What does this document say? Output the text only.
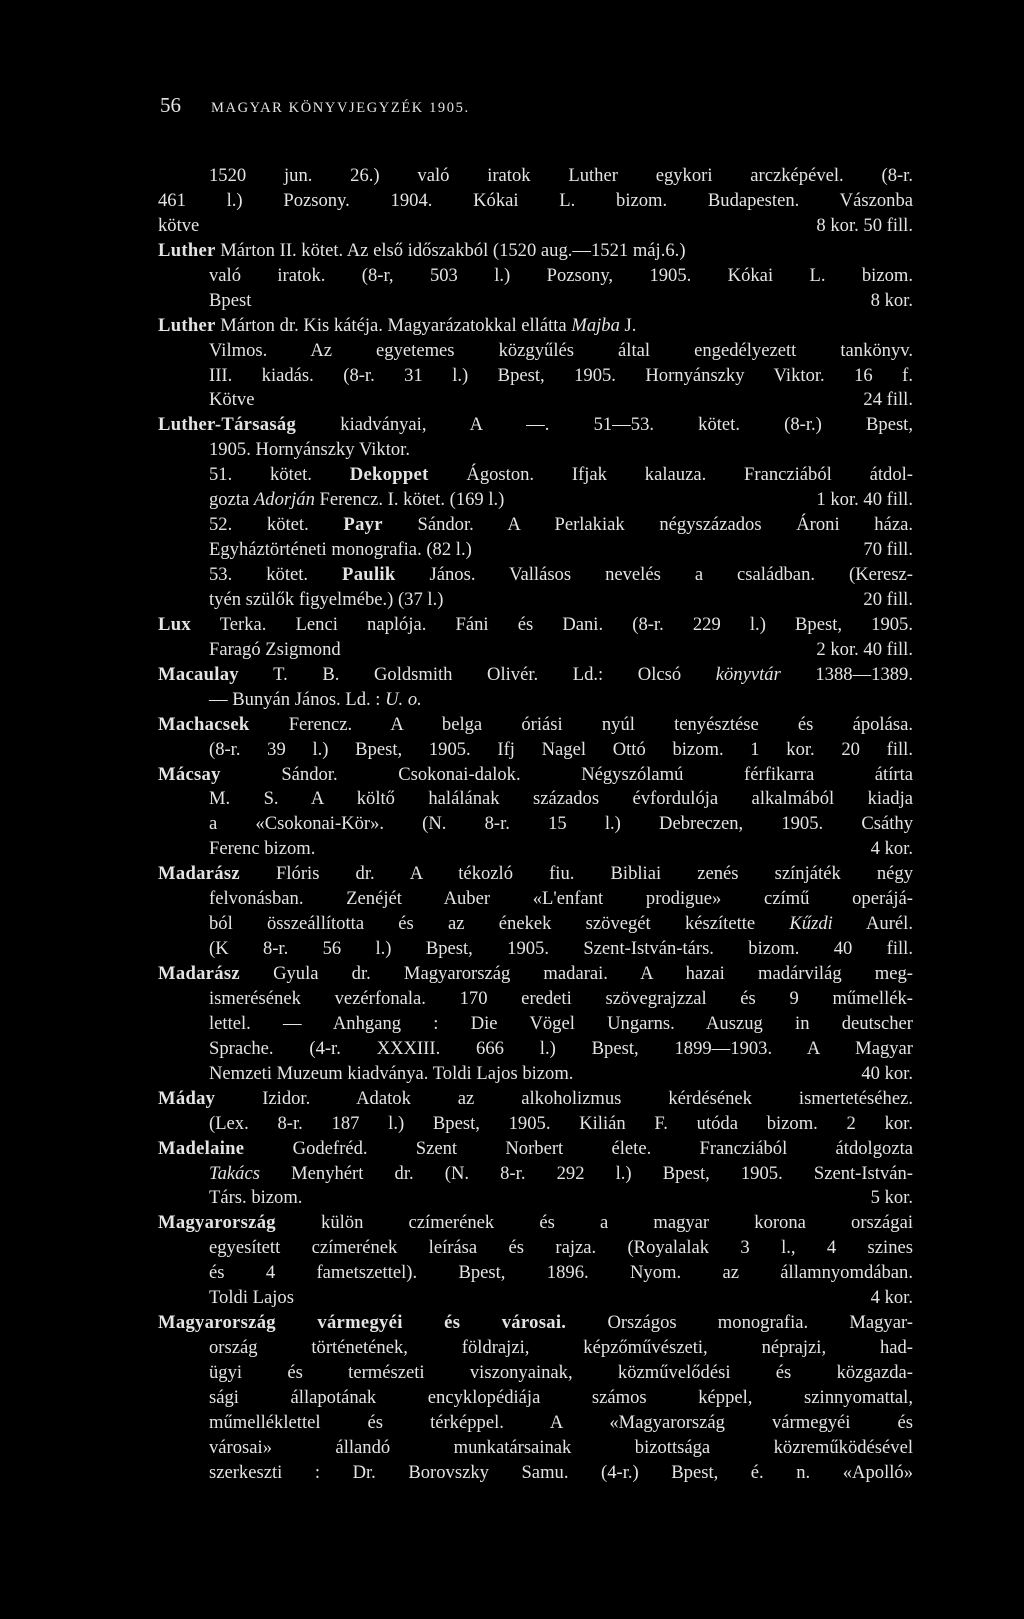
56 MAGYAR KÖNYVJEGYZÉK 1905.
1520 jun. 26.) való iratok Luther egykori arczképével. (8-r.
461 l.) Pozsony. 1904. Kókai L. bizom. Budapesten. Vászonba
kötve	8 kor. 50 fill.
Luther Márton II. kötet. Az első időszakból (1520 aug.—1521 máj.6.)
való iratok. (8-r, 503 l.) Pozsony, 1905. Kókai L. bizom.
Bpest	8 kor.
Luther Márton dr. Kis kátéja. Magyarázatokkal ellátta Majba J.
Vilmos. Az egyetemes közgyűlés által engedélyezett tankönyv.
III. kiadás. (8-r. 31 l.) Bpest, 1905. Hornyánszky Viktor. 16 f.
Kötve	24 fill.
Luther-Társaság kiadványai, A —. 51—53. kötet. (8-r.) Bpest,
1905. Hornyánszky Viktor.
51. kötet. Dekoppet Ágoston. Ifjak kalauza. Francziából átdol-
gozta Adorján Ferencz. I. kötet. (169 l.)	1 kor. 40 fill.
52. kötet. Payr Sándor. A Perlakiak négyszázados Ároni háza.
Egyháztörténeti monografia. (82 l.)	70 fill.
53. kötet. Paulik János. Vallásos nevelés a családban. (Keresz-
tyén szülők figyelmébe.) (37 l.)	20 fill.
Lux Terka. Lenci naplója. Fáni és Dani. (8-r. 229 l.) Bpest, 1905.
Faragó Zsigmond	2 kor. 40 fill.
Macaulay T. B. Goldsmith Olivér. Ld.: Olcsó könyvtár 1388—1389.
— Bunyán János. Ld. : U. o.
Machacsek Ferencz. A belga óriási nyúl tenyésztése és ápolása.
(8-r. 39 l.) Bpest, 1905. Ifj Nagel Ottó bizom. 1 kor. 20 fill.
Mácsay Sándor. Csokonai-dalok. Négyszólamú férfikarra átírta
M. S. A költő halálának százados évfordulója alkalmából kiadja
a «Csokonai-Kör». (N. 8-r. 15 l.) Debreczen, 1905. Csáthy
Ferenc bizom.	4 kor.
Madarász Flóris dr. A tékozló fiu. Bibliai zenés színjáték négy
felvonásban. Zenéjét Auber «L'enfant prodigue» czímű operájá-
ból összeállította és az énekek szövegét készítette Kűzdi Aurél.
(K 8-r. 56 l.) Bpest, 1905. Szent-István-társ. bizom. 40 fill.
Madarász Gyula dr. Magyarország madarai. A hazai madárvilág meg-
ismerésének vezérfonala. 170 eredeti szövegrajzzal és 9 műmellék-
lettel. — Anhgang : Die Vögel Ungarns. Auszug in deutscher
Sprache. (4-r. XXXIII. 666 l.) Bpest, 1899—1903. A Magyar
Nemzeti Muzeum kiadványa. Toldi Lajos bizom.	40 kor.
Máday Izidor. Adatok az alkoholizmus kérdésének ismertetéséhez.
(Lex. 8-r. 187 l.) Bpest, 1905. Kilián F. utóda bizom. 2 kor.
Madelaine Godefréd. Szent Norbert élete. Francziából átdolgozta
Takács Menyhért dr. (N. 8-r. 292 l.) Bpest, 1905. Szent-István-
Társ. bizom.	5 kor.
Magyarország külön czímerének és a magyar korona országai
egyesített czímerének leírása és rajza. (Royalalak 3 l., 4 szines
és 4 fametszettel). Bpest, 1896. Nyom. az államnyomdában.
Toldi Lajos	4 kor.
Magyarország vármegyéi és városai. Országos monografia. Magyar-
ország történetének, földrajzi, képzőművészeti, néprajzi, had-
ügyi és természeti viszonyainak, közművelődési és közgazda-
sági állapotának encyklopédiája számos képpel, szinnyomattal,
műmelléklettel és térképpel. A «Magyarország vármegyéi és
városai» állandó munkatársainak bizottsága közreműködésével
szerkeszti : Dr. Borovszky Samu. (4-r.) Bpest, é. n. «Apolló»
